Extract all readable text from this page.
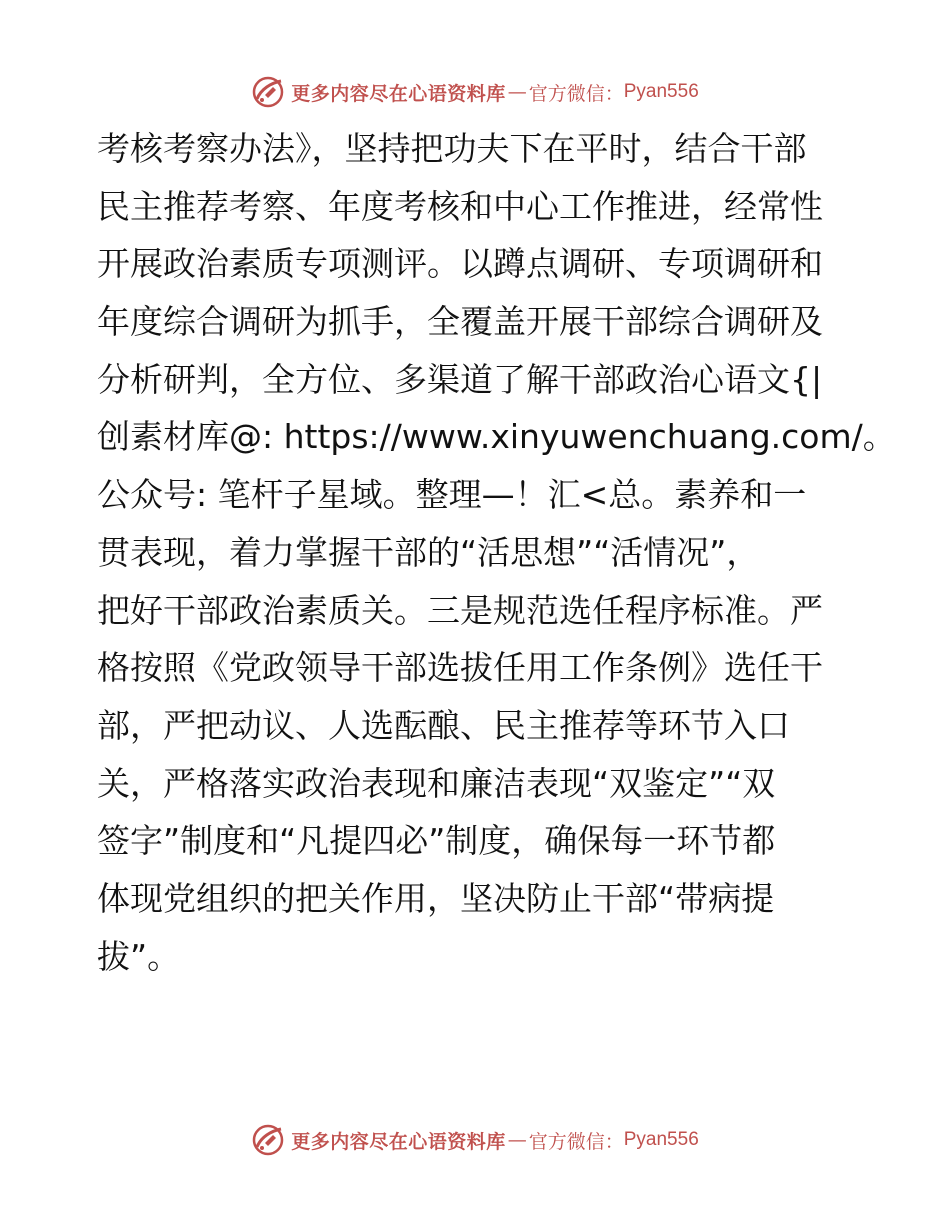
更多内容尽在心语资料库 — 官方微信： Pyan556
考核考察办法》，坚持把功夫下在平时，结合干部
民主推荐考察、年度考核和中心工作推进，经常性
开展政治素质专项测评。以蹲点调研、专项调研和
年度综合调研为抓手，全覆盖开展干部综合调研及
分析研判，全方位、多渠道了解干部政治心语文{|
创素材库@: https://www.xinyuwenchuang.com/。
公众号: 笔杆子星域。整理—！汇<总。素养和一
贯表现，着力掌握干部的“活思想”“活情况”，
把好干部政治素质关。三是规范选任程序标准。严
格按照《党政领导干部选拔任用工作条例》选任干
部，严把动议、人选酝酿、民主推荐等环节入口
关，严格落实政治表现和廉洁表现“双鉴定”“双
签字”制度和“凡提四必”制度，确保每一环节都
体现党组织的把关作用，坚决防止干部“带病提
拔”。
更多内容尽在心语资料库 — 官方微信： Pyan556
